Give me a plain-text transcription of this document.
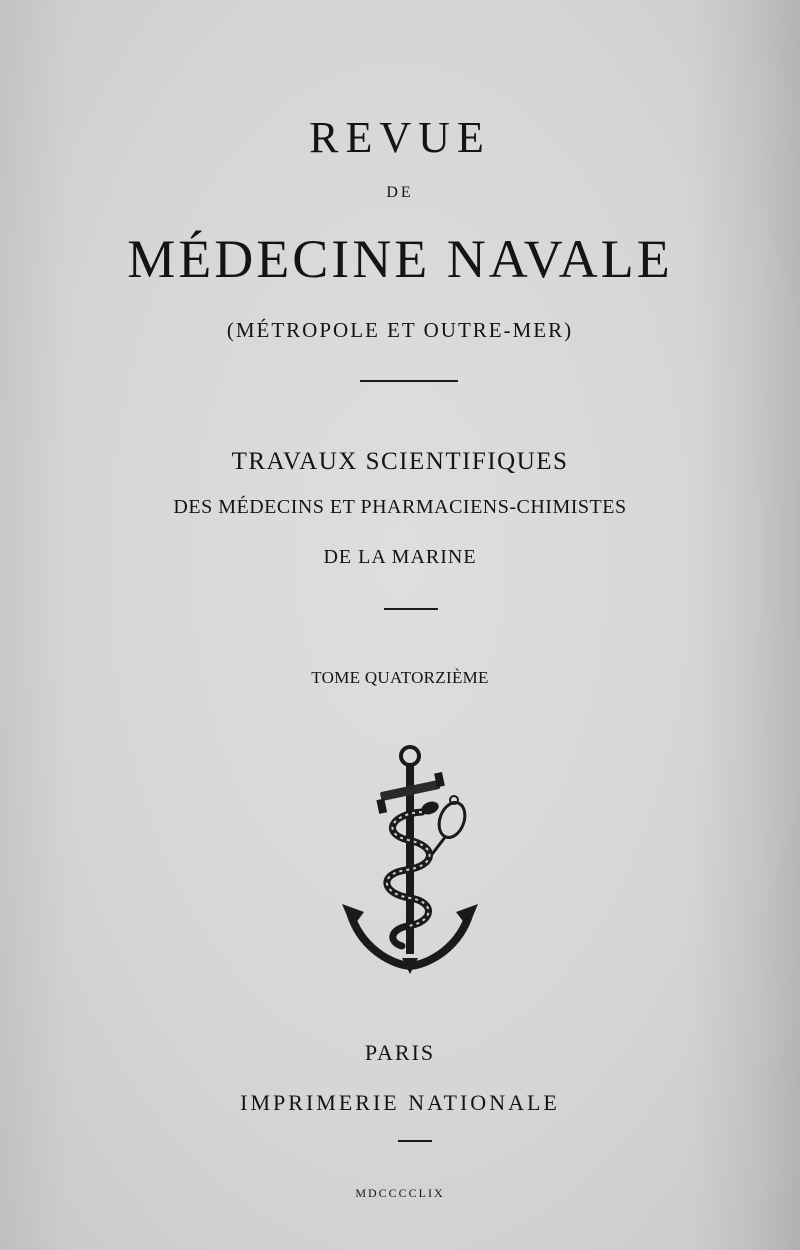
REVUE
DE
MÉDECINE NAVALE
(MÉTROPOLE ET OUTRE-MER)
TRAVAUX SCIENTIFIQUES
DES MÉDECINS ET PHARMACIENS-CHIMISTES
DE LA MARINE
TOME QUATORZIÈME
PARIS
IMPRIMERIE NATIONALE
MDCCCCLIX
